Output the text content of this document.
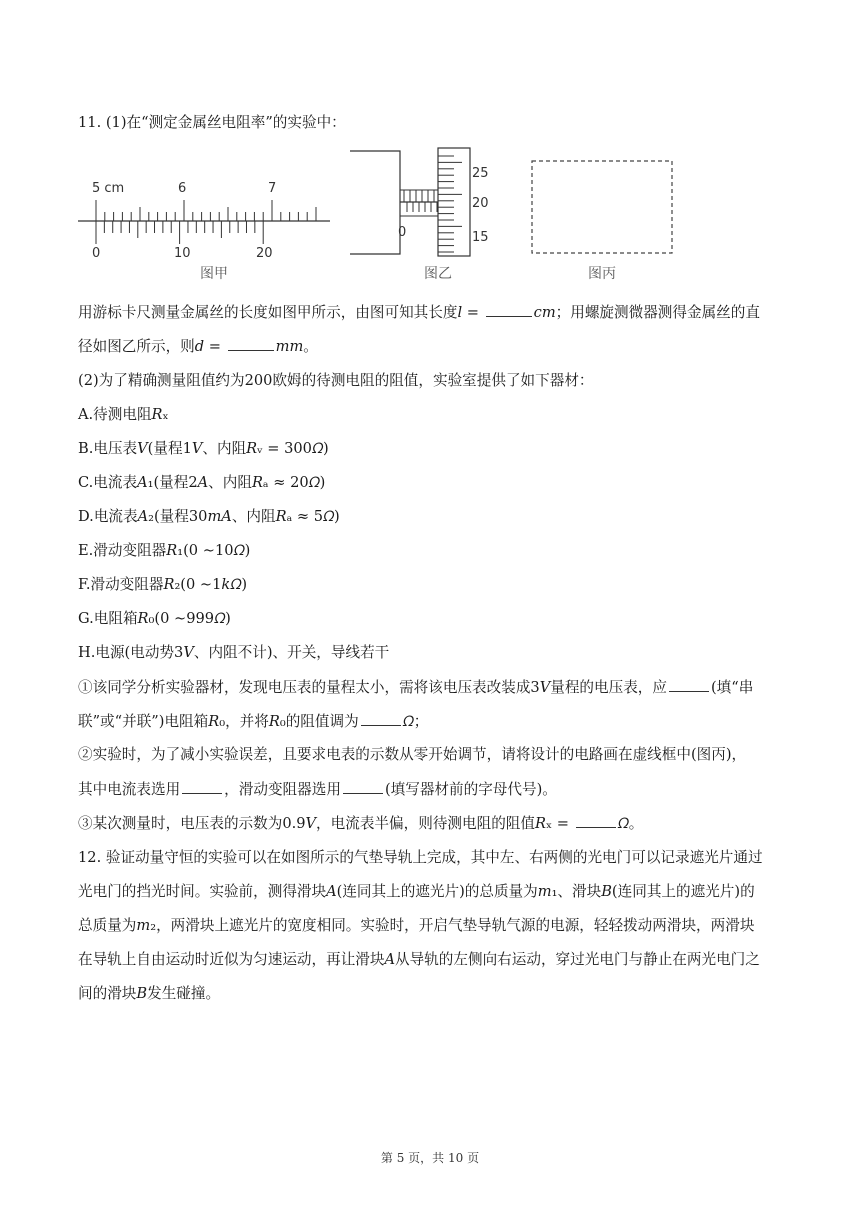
11. (1)在“测定金属丝电阻率”的实验中：
5 cm	6	7
0	10	20
图甲
0
25
20
15
图乙	图丙
用游标卡尺测量金属丝的长度如图甲所示，由图可知其长度𝑙 =	𝑐𝑚；用螺旋测微器测得金属丝的直
径如图乙所示，则𝑑 =	𝑚𝑚。
(2)为了精确测量阻值约为200欧姆的待测电阻的阻值，实验室提供了如下器材：
A.待测电阻𝑅ₓ
B.电压表𝑉(量程1𝑉、内阻𝑅ᵥ = 300𝛺)
C.电流表𝐴₁(量程2𝐴、内阻𝑅ₐ ≈ 20𝛺)
D.电流表𝐴₂(量程30𝑚𝐴、内阻𝑅ₐ ≈ 5𝛺)
E.滑动变阻器𝑅₁(0 ∼10𝛺)
F.滑动变阻器𝑅₂(0 ∼1𝑘𝛺)
G.电阻箱𝑅₀(0 ∼999𝛺)
H.电源(电动势3𝑉、内阻不计)、开关，导线若干
①该同学分析实验器材，发现电压表的量程太小，需将该电压表改装成3𝑉量程的电压表，应	(填“串
联”或“并联”)电阻箱𝑅₀，并将𝑅₀的阻值调为	𝛺；
②实验时，为了减小实验误差，且要求电表的示数从零开始调节，请将设计的电路画在虚线框中(图丙)，
其中电流表选用	，滑动变阻器选用	(填写器材前的字母代号)。
③某次测量时，电压表的示数为0.9𝑉，电流表半偏，则待测电阻的阻值𝑅ₓ =	𝛺。
12. 验证动量守恒的实验可以在如图所示的气垫导轨上完成，其中左、右两侧的光电门可以记录遮光片通过
光电门的挡光时间。实验前，测得滑块𝐴(连同其上的遮光片)的总质量为𝑚₁、滑块𝐵(连同其上的遮光片)的
总质量为𝑚₂，两滑块上遮光片的宽度相同。实验时，开启气垫导轨气源的电源，轻轻拨动两滑块，两滑块
在导轨上自由运动时近似为匀速运动，再让滑块𝐴从导轨的左侧向右运动，穿过光电门与静止在两光电门之
间的滑块𝐵发生碰撞。
第 5 页，共 10 页
